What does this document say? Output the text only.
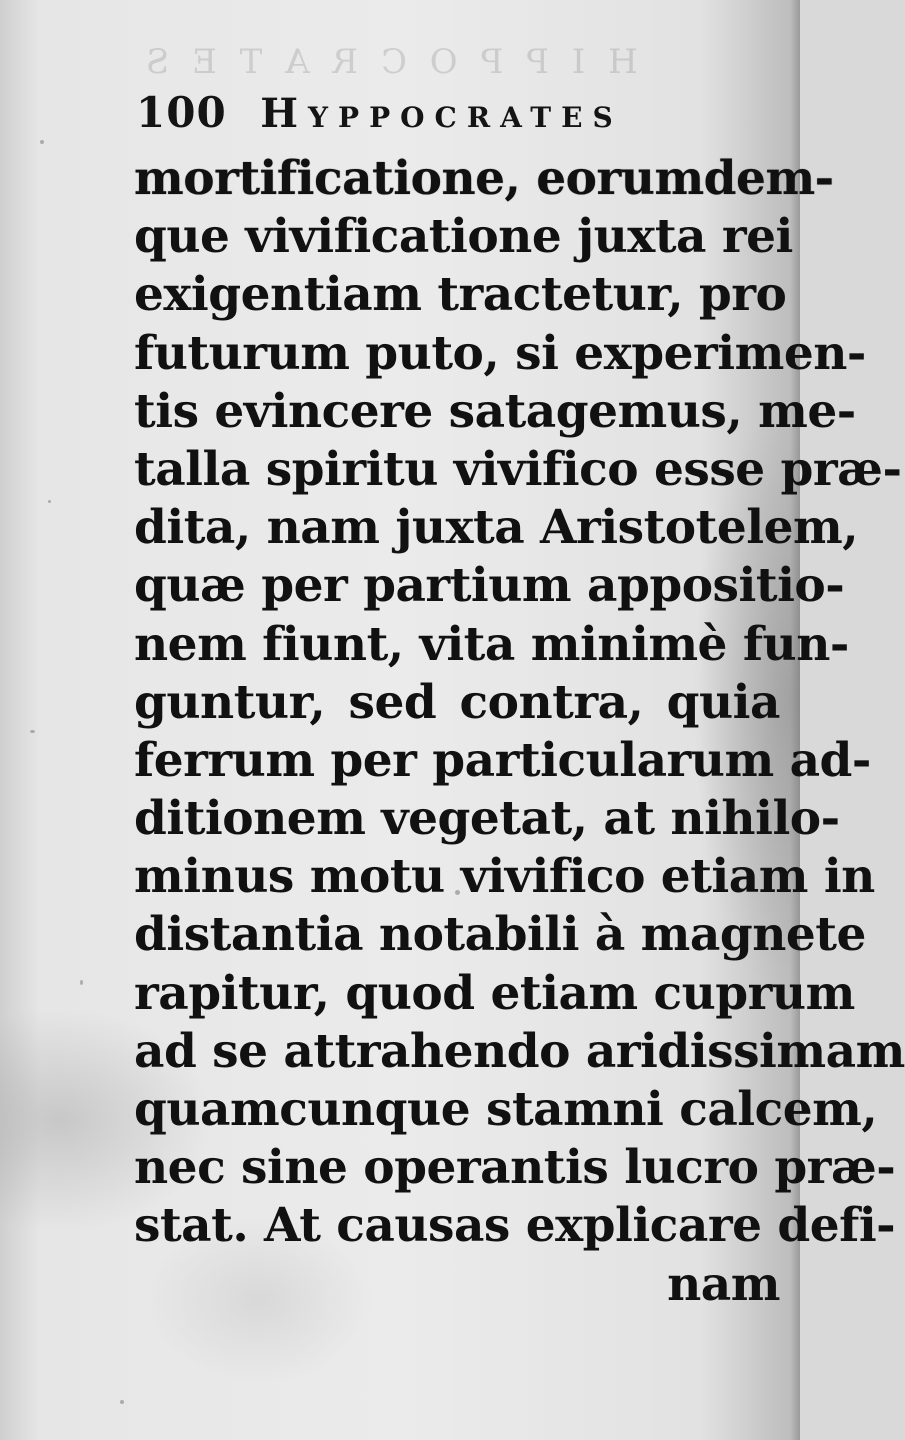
H I P P O C R A T E S
100 Hyppocrates
mortificatione, eorumdem-
que vivificatione juxta rei
exigentiam tractetur, pro
futurum puto, si experimen-
tis evincere satagemus, me-
talla spiritu vivifico esse præ-
dita, nam juxta Aristotelem,
quæ per partium appositio-
nem fiunt, vita minimè fun-
guntur, sed contra, quia
ferrum per particularum ad-
ditionem vegetat, at nihilo-
minus motu vivifico etiam in
distantia notabili à magnete
rapitur, quod etiam cuprum
ad se attrahendo aridissimam
quamcunque stamni calcem,
nec sine operantis lucro præ-
stat. At causas explicare defi-
nam
